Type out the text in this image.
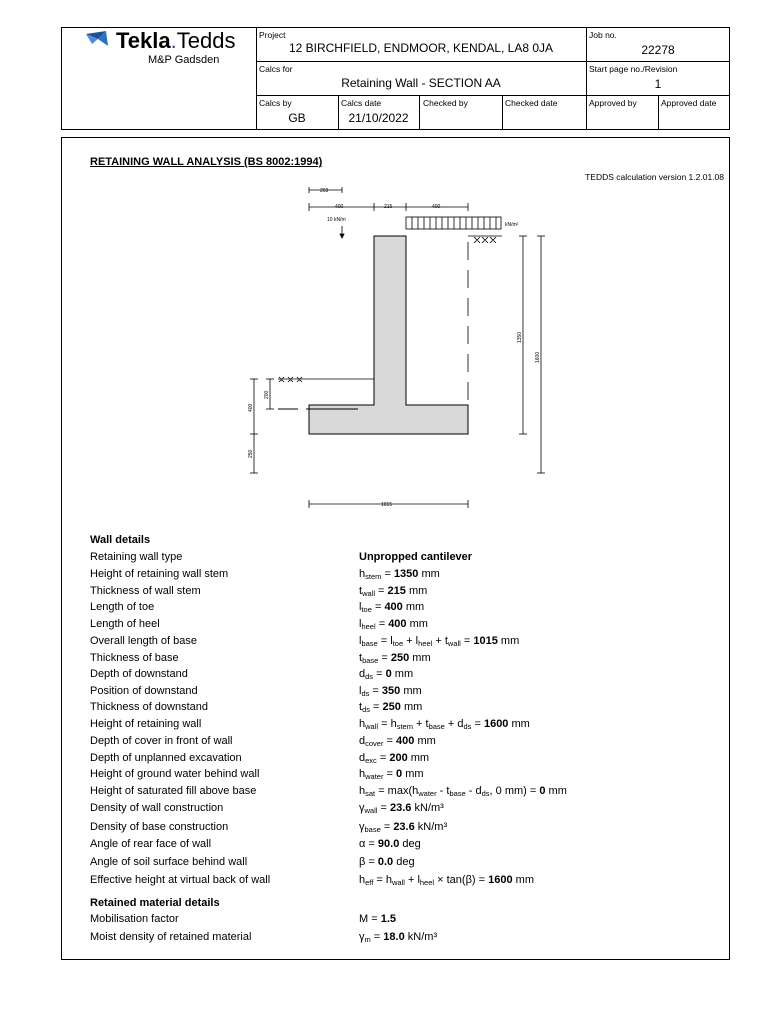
Tekla.Tedds
M&P Gadsden
Project
12 BIRCHFIELD, ENDMOOR, KENDAL, LA8 0JA
Job no.
22278
Calcs for
Retaining Wall - SECTION AA
Start page no./Revision
1
Calcs by
GB
Calcs date
21/10/2022
Checked by	Checked date	Approved by	Approved date
RETAINING WALL ANALYSIS (BS 8002:1994)
TEDDS calculation version 1.2.01.08
203
400	215	400
10 kN/m
kN/m²
1350
1600
200
400
250
1015
Wall details
Retaining wall type	Unpropped cantilever
Height of retaining wall stem	$h_{stem} = 1350$ mm
Thickness of wall stem	$t_{wall} = 215$ mm
Length of toe	$l_{toe} = 400$ mm
Length of heel	$l_{heel} = 400$ mm
Overall length of base	$l_{base} = l_{toe} + l_{heel} + t_{wall} = 1015$ mm
Thickness of base	$t_{base} = 250$ mm
Depth of downstand	$d_{ds} = 0$ mm
Position of downstand	$l_{ds} = 350$ mm
Thickness of downstand	$t_{ds} = 250$ mm
Height of retaining wall	$h_{wall} = h_{stem} + t_{base} + d_{ds} = 1600$ mm
Depth of cover in front of wall	$d_{cover} = 400$ mm
Depth of unplanned excavation	$d_{exc} = 200$ mm
Height of ground water behind wall	$h_{water} = 0$ mm
Height of saturated fill above base	$h_{sat} = \max(h_{water} - t_{base} - d_{ds}$, 0 mm) = 0 mm
Density of wall construction	$\gamma_{wall} = 23.6$ kN/m³
Density of base construction	$\gamma_{base} = 23.6$ kN/m³
Angle of rear face of wall	α = 90.0 deg
Angle of soil surface behind wall	β = 0.0 deg
Effective height at virtual back of wall	$h_{eff} = h_{wall} + l_{heel} \times \tan(\beta) = 1600$ mm
Retained material details
Mobilisation factor	M = 1.5
Moist density of retained material	$\gamma_m = 18.0$ kN/m³
